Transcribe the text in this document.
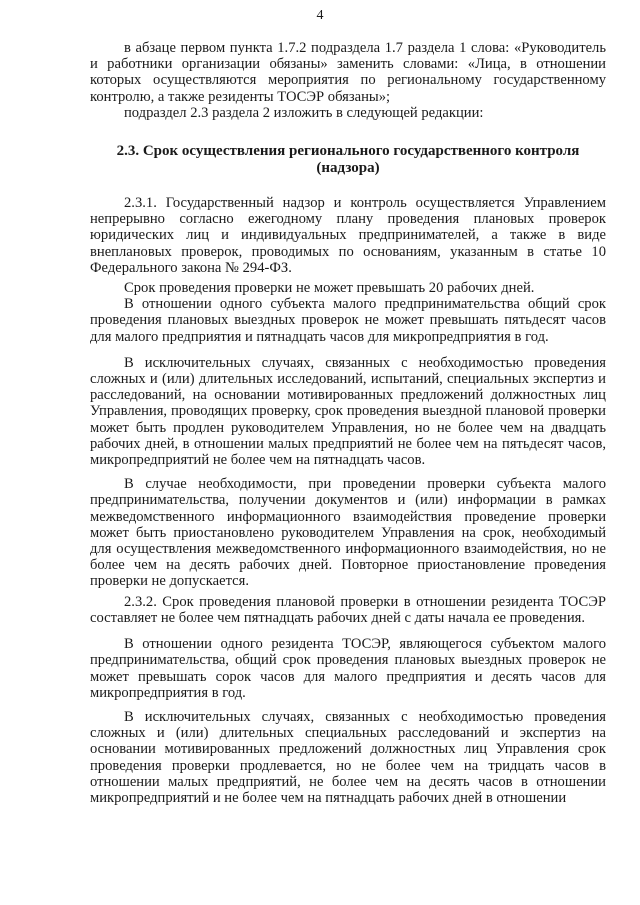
4

в абзаце первом пункта 1.7.2 подраздела 1.7 раздела 1 слова: «Руководитель и работники организации обязаны» заменить словами: «Лица, в отношении которых осуществляются мероприятия по региональному государственному контролю, а также резиденты ТОСЭР обязаны»;

подраздел 2.3 раздела 2 изложить в следующей редакции:

2.3. Срок осуществления регионального государственного контроля (надзора)

2.3.1. Государственный надзор и контроль осуществляется Управлением непрерывно согласно ежегодному плану проведения плановых проверок юридических лиц и индивидуальных предпринимателей, а также в виде внеплановых проверок, проводимых по основаниям, указанным в статье 10 Федерального закона № 294-ФЗ.

Срок проведения проверки не может превышать 20 рабочих дней.

В отношении одного субъекта малого предпринимательства общий срок проведения плановых выездных проверок не может превышать пятьдесят часов для малого предприятия и пятнадцать часов для микропредприятия в год.

В исключительных случаях, связанных с необходимостью проведения сложных и (или) длительных исследований, испытаний, специальных экспертиз и расследований, на основании мотивированных предложений должностных лиц Управления, проводящих проверку, срок проведения выездной плановой проверки может быть продлен руководителем Управления, но не более чем на двадцать рабочих дней, в отношении малых предприятий не более чем на пятьдесят часов, микропредприятий не более чем на пятнадцать часов.

В случае необходимости, при проведении проверки субъекта малого предпринимательства, получении документов и (или) информации в рамках межведомственного информационного взаимодействия проведение проверки может быть приостановлено руководителем Управления на срок, необходимый для осуществления межведомственного информационного взаимодействия, но не более чем на десять рабочих дней. Повторное приостановление проведения проверки не допускается.

2.3.2. Срок проведения плановой проверки в отношении резидента ТОСЭР составляет не более чем пятнадцать рабочих дней с даты начала ее проведения.

В отношении одного резидента ТОСЭР, являющегося субъектом малого предпринимательства, общий срок проведения плановых выездных проверок не может превышать сорок часов для малого предприятия и десять часов для микропредприятия в год.

В исключительных случаях, связанных с необходимостью проведения сложных и (или) длительных специальных расследований и экспертиз на основании мотивированных предложений должностных лиц Управления срок проведения проверки продлевается, но не более чем на тридцать часов в отношении малых предприятий, не более чем на десять часов в отношении микропредприятий и не более чем на пятнадцать рабочих дней в отношении
